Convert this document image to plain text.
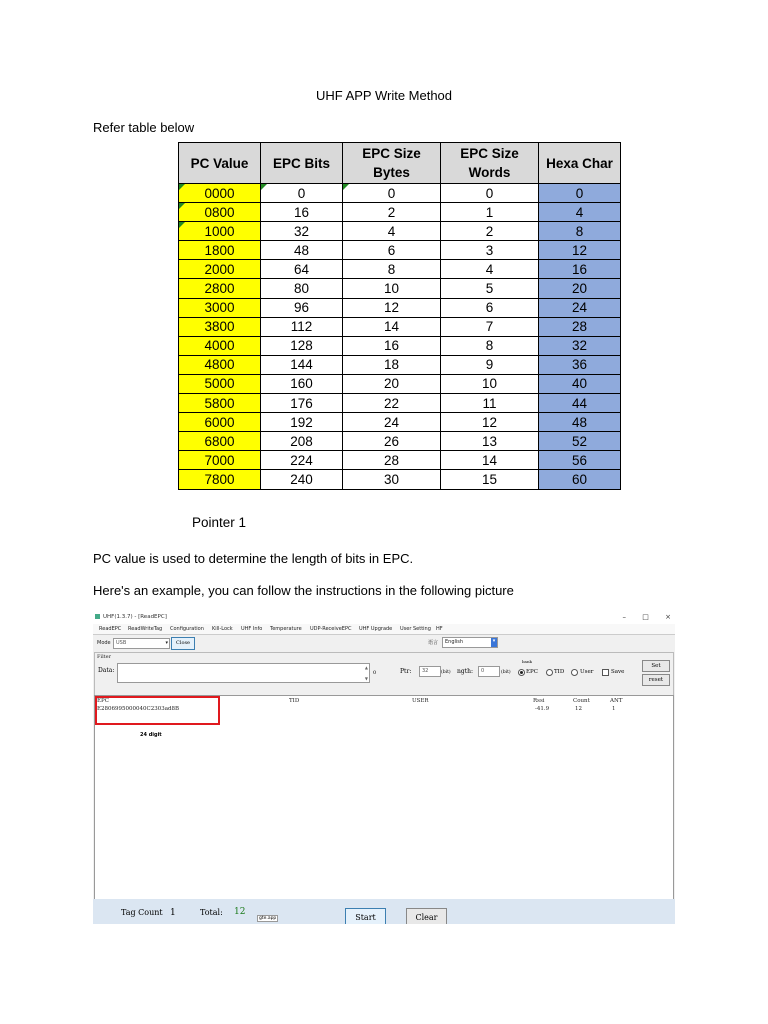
UHF APP Write Method
Refer table below
PC Value	EPC Bits	EPC Size Bytes	EPC Size Words	Hexa Char
0000	0	0	0	0
0800	16	2	1	4
1000	32	4	2	8
1800	48	6	3	12
2000	64	8	4	16
2800	80	10	5	20
3000	96	12	6	24
3800	112	14	7	28
4000	128	16	8	32
4800	144	18	9	36
5000	160	20	10	40
5800	176	22	11	44
6000	192	24	12	48
6800	208	26	13	52
7000	224	28	14	56
7800	240	30	15	60
Pointer 1
PC value is used to determine the length of bits in EPC.
Here's an example, you can follow the instructions in the following picture
UHF(1.3.7) - [ReadEPC]	– □ ×
ReadEPC ReadWriteTag Configuration Kill-Lock UHF Info Temperature UDP-ReceiveEPC UHF Upgrade User Setting HF
Mode USB	▾	Close	语言 English	▾
Filter
Data:	▲
▼
0	Ptr: 32	(bit) ngth: 0	(bit)
bank
EPC	TID	User	Save
Set
reset
EPC	TID	USER	Rssi	Count	ANT
E2806995000040C2303ad8B	-41.9	12	1
24 digit
Tag Count 1	Total: 12
gte.app	Start	Clear
